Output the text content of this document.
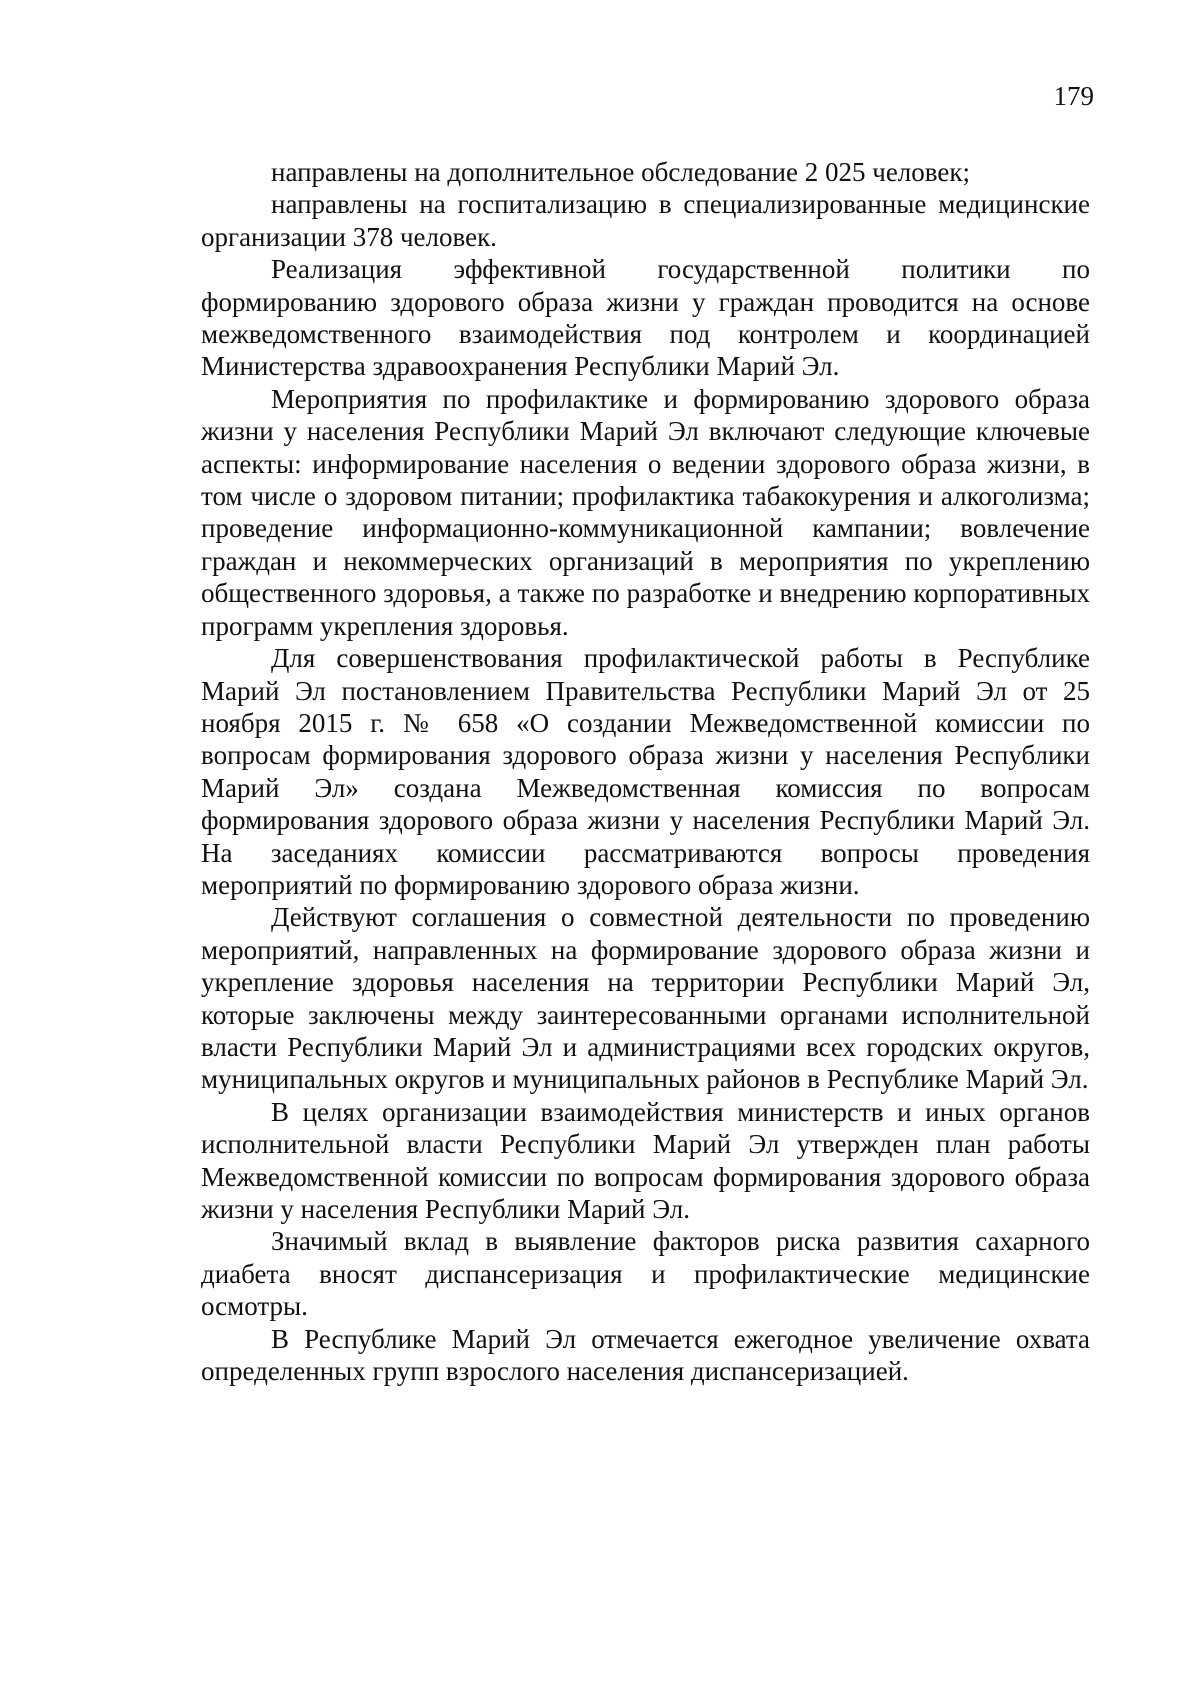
179

направлены на дополнительное обследование 2 025 человек;

направлены на госпитализацию в специализированные медицинские организации 378 человек.

Реализация эффективной государственной политики по формированию здорового образа жизни у граждан проводится на основе межведомственного взаимодействия под контролем и координацией Министерства здравоохранения Республики Марий Эл.

Мероприятия по профилактике и формированию здорового образа жизни у населения Республики Марий Эл включают следующие ключевые аспекты: информирование населения о ведении здорового образа жизни, в том числе о здоровом питании; профилактика табакокурения и алкоголизма; проведение информационно-коммуникационной кампании; вовлечение граждан и некоммерческих организаций в мероприятия по укреплению общественного здоровья, а также по разработке и внедрению корпоративных программ укрепления здоровья.

Для совершенствования профилактической работы в Республике Марий Эл постановлением Правительства Республики Марий Эл от 25 ноября 2015 г. № 658 «О создании Межведомственной комиссии по вопросам формирования здорового образа жизни у населения Республики Марий Эл» создана Межведомственная комиссия по вопросам формирования здорового образа жизни у населения Республики Марий Эл. На заседаниях комиссии рассматриваются вопросы проведения мероприятий по формированию здорового образа жизни.

Действуют соглашения о совместной деятельности по проведению мероприятий, направленных на формирование здорового образа жизни и укрепление здоровья населения на территории Республики Марий Эл, которые заключены между заинтересованными органами исполнительной власти Республики Марий Эл и администрациями всех городских округов, муниципальных округов и муниципальных районов в Республике Марий Эл.

В целях организации взаимодействия министерств и иных органов исполнительной власти Республики Марий Эл утвержден план работы Межведомственной комиссии по вопросам формирования здорового образа жизни у населения Республики Марий Эл.

Значимый вклад в выявление факторов риска развития сахарного диабета вносят диспансеризация и профилактические медицинские осмотры.

В Республике Марий Эл отмечается ежегодное увеличение охвата определенных групп взрослого населения диспансеризацией.
